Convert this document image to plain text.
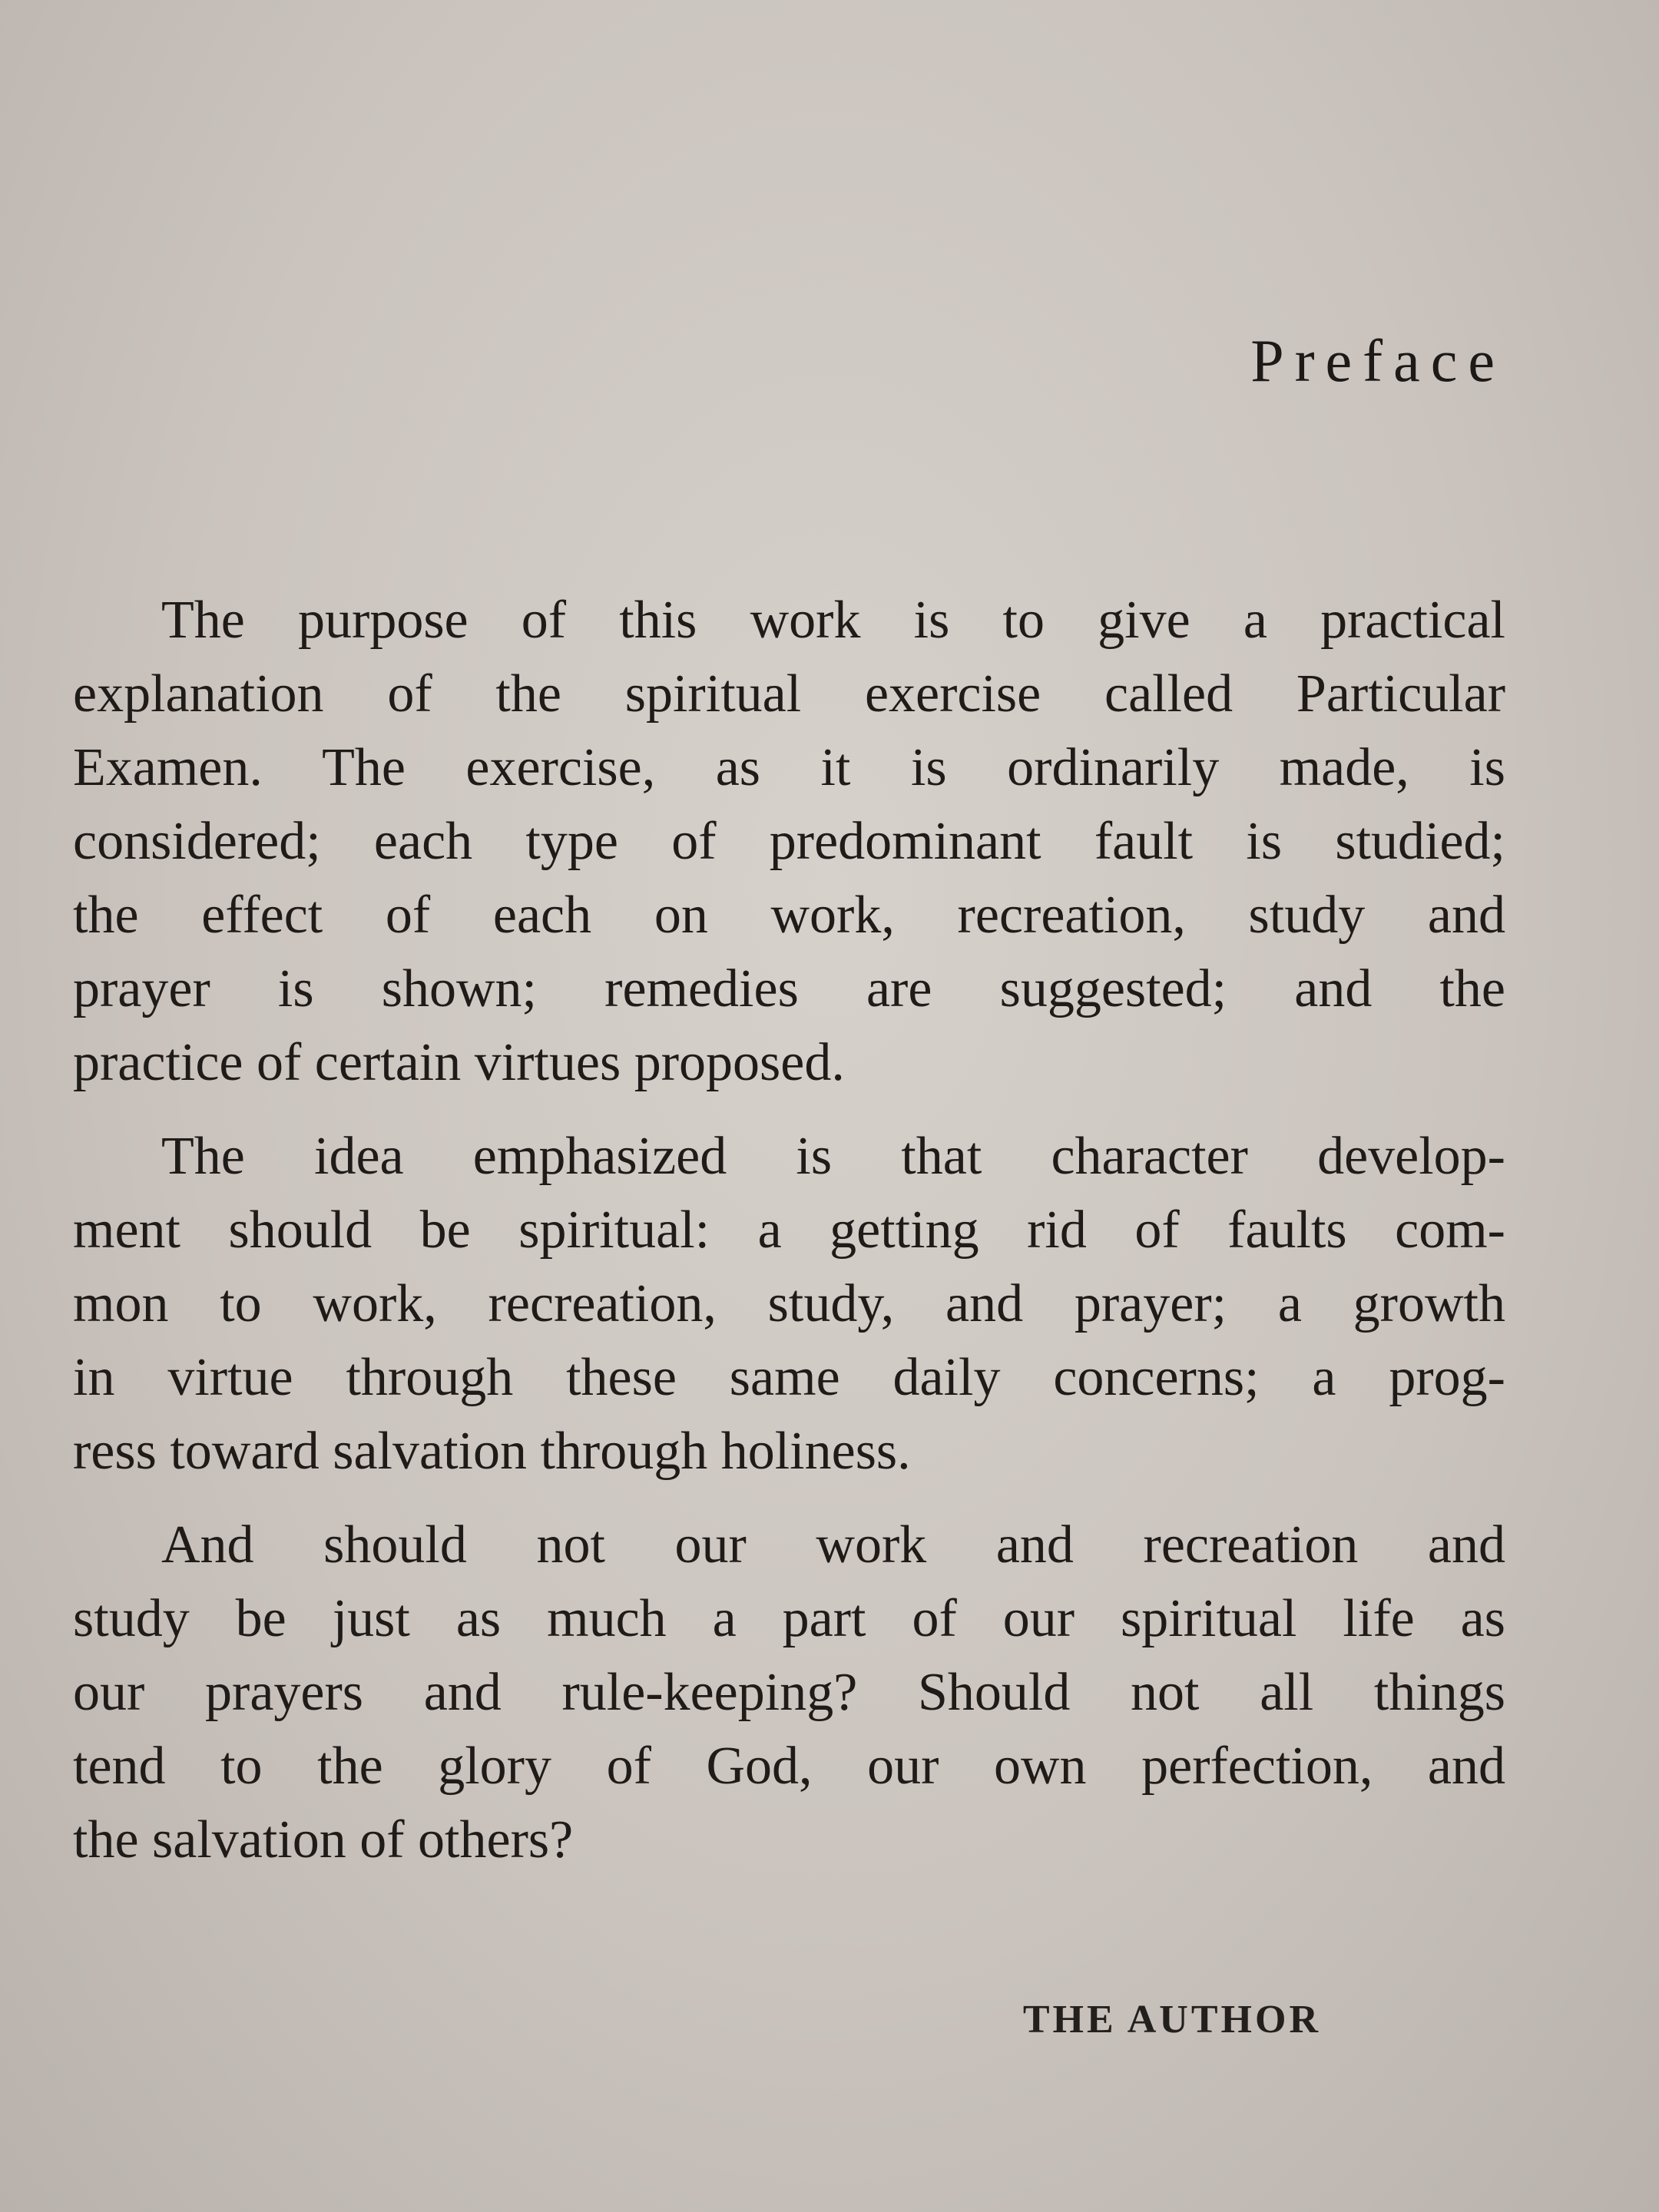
Preface
The purpose of this work is to give a practical
explanation of the spiritual exercise called Particular
Examen. The exercise, as it is ordinarily made, is
considered; each type of predominant fault is studied;
the effect of each on work, recreation, study and
prayer is shown; remedies are suggested; and the
practice of certain virtues proposed.
The idea emphasized is that character develop-
ment should be spiritual: a getting rid of faults com-
mon to work, recreation, study, and prayer; a growth
in virtue through these same daily concerns; a prog-
ress toward salvation through holiness.
And should not our work and recreation and
study be just as much a part of our spiritual life as
our prayers and rule-keeping? Should not all things
tend to the glory of God, our own perfection, and
the salvation of others?
THE AUTHOR
